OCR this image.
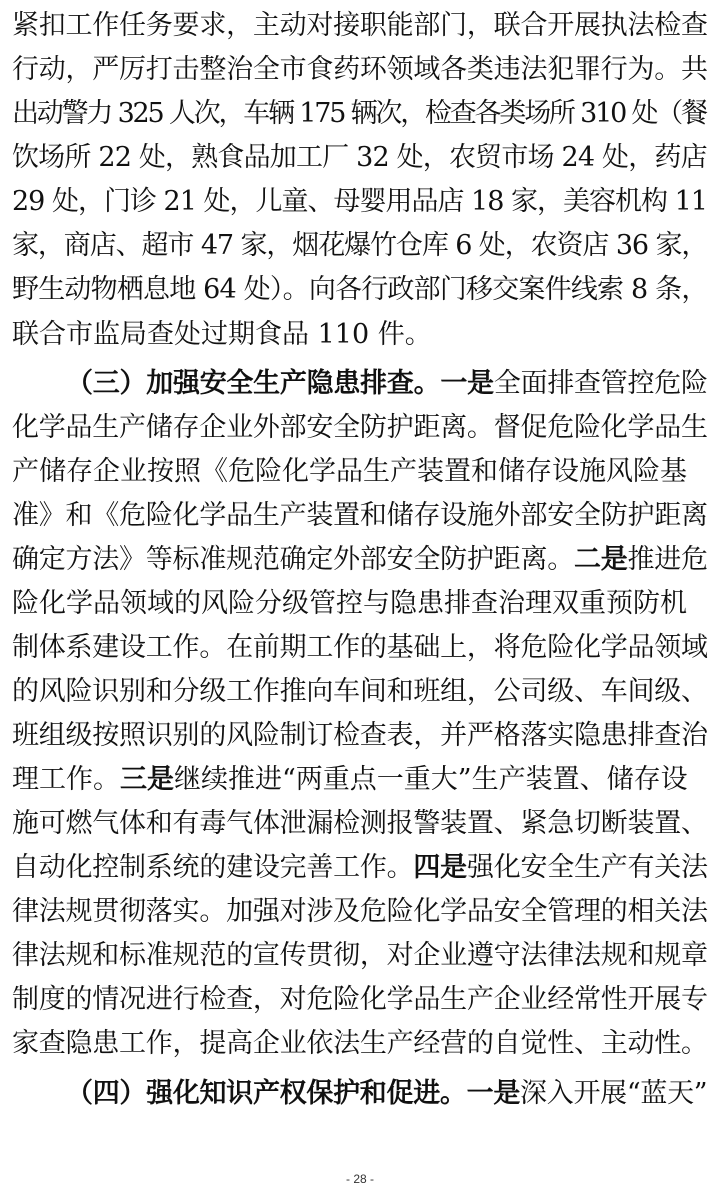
紧扣工作任务要求，主动对接职能部门，联合开展执法检查
行动，严厉打击整治全市食药环领域各类违法犯罪行为。共
出动警力 325 人次，车辆 175 辆次，检查各类场所 310 处（餐
饮场所 22 处，熟食品加工厂 32 处，农贸市场 24 处，药店
29 处，门诊 21 处，儿童、母婴用品店 18 家，美容机构 11
家，商店、超市 47 家，烟花爆竹仓库 6 处，农资店 36 家，
野生动物栖息地 64 处）。向各行政部门移交案件线索 8 条，
联合市监局查处过期食品 110 件。
（三）加强安全生产隐患排查。一是全面排查管控危险
化学品生产储存企业外部安全防护距离。督促危险化学品生
产储存企业按照《危险化学品生产装置和储存设施风险基
准》和《危险化学品生产装置和储存设施外部安全防护距离
确定方法》等标准规范确定外部安全防护距离。二是推进危
险化学品领域的风险分级管控与隐患排查治理双重预防机
制体系建设工作。在前期工作的基础上，将危险化学品领域
的风险识别和分级工作推向车间和班组，公司级、车间级、
班组级按照识别的风险制订检查表，并严格落实隐患排查治
理工作。三是继续推进“两重点一重大”生产装置、储存设
施可燃气体和有毒气体泄漏检测报警装置、紧急切断装置、
自动化控制系统的建设完善工作。四是强化安全生产有关法
律法规贯彻落实。加强对涉及危险化学品安全管理的相关法
律法规和标准规范的宣传贯彻，对企业遵守法律法规和规章
制度的情况进行检查，对危险化学品生产企业经常性开展专
家查隐患工作，提高企业依法生产经营的自觉性、主动性。
（四）强化知识产权保护和促进。一是深入开展“蓝天”
- 28 -
